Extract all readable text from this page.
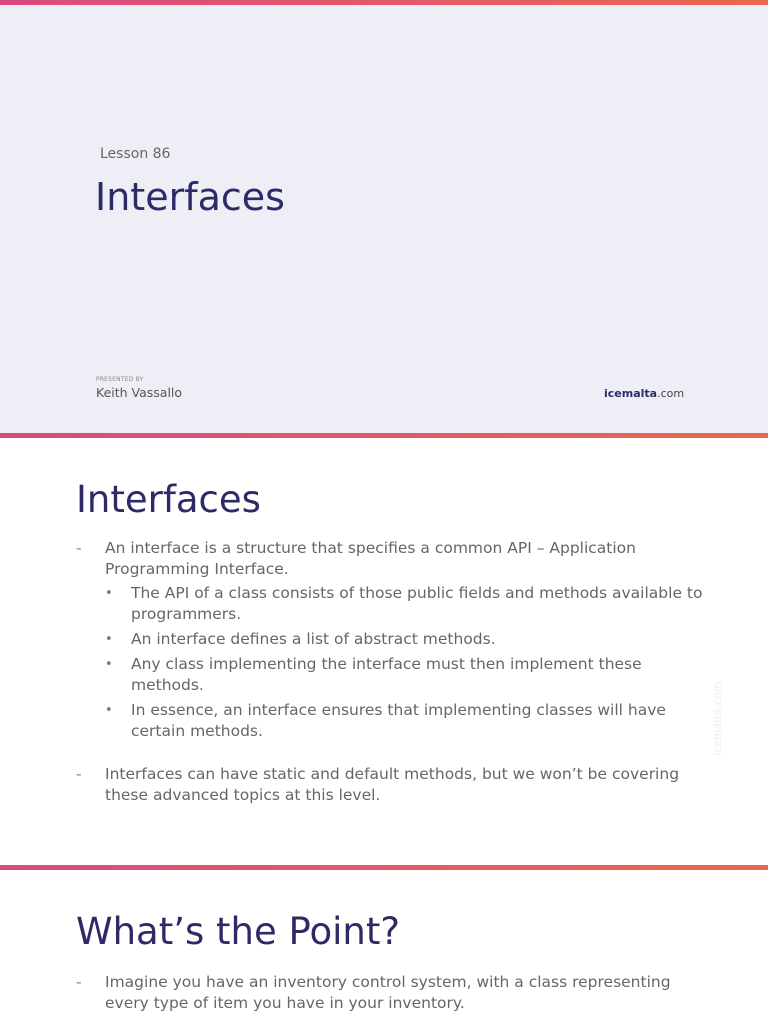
Lesson 86
Interfaces
PRESENTED BY
Keith Vassallo	icemalta.com
Interfaces
- An interface is a structure that specifies a common API – Application Programming Interface.
• The API of a class consists of those public fields and methods available to programmers.
• An interface defines a list of abstract methods.
• Any class implementing the interface must then implement these methods.
• In essence, an interface ensures that implementing classes will have certain methods.
- Interfaces can have static and default methods, but we won’t be covering these advanced topics at this level.
icemalta.com
What’s the Point?
- Imagine you have an inventory control system, with a class representing every type of item you have in your inventory.
